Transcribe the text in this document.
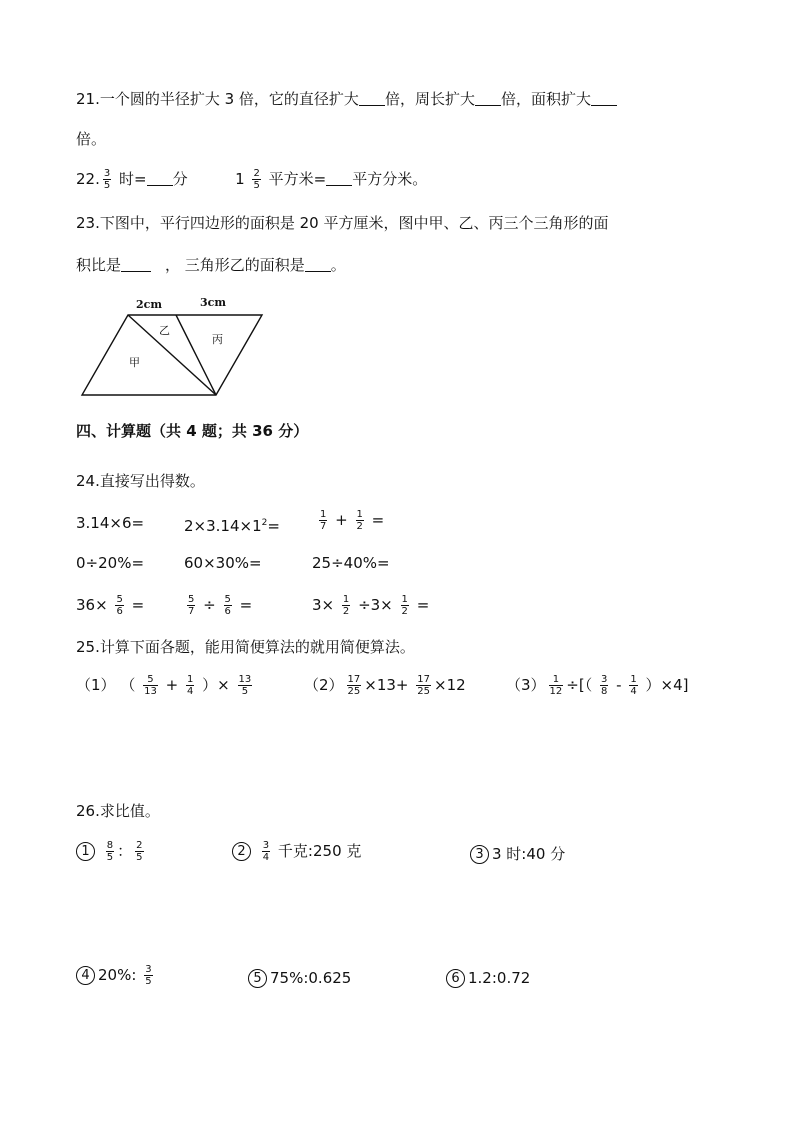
21.一个圆的半径扩大 3 倍，它的直径扩大 倍，周长扩大 倍，面积扩大
倍。
22. $\frac{3}{5}$ 时= 分	$1 \frac{2}{5}$ 平方米= 平方分米。
23.下图中，平行四边形的面积是 20 平方厘米，图中甲、乙、丙三个三角形的面
积比是	， 三角形乙的面积是 。
2cm	3cm
乙
丙
甲
四、计算题（共 4 题；共 36 分）
24.直接写出得数。
3.14×6=	$2\times 3.14\times 1^2=$	$\frac{1}{7} + \frac{1}{2}$ =
0÷20%=	60×30%=	25÷40%=
$36\times \frac{5}{6}$ =	$\frac{5}{7} \div \frac{5}{6}$ =	$3\times \frac{1}{2} \div 3\times \frac{1}{2}$ =
25.计算下面各题，能用简便算法的就用简便算法。
（1） （ $\frac{5}{13} + \frac{1}{4}$ ）× $\frac{13}{5}$	$(2) \frac{17}{25} \times 13+ \frac{17}{25} \times 12$	$(3) \frac{1}{12}$ ÷[（ $\frac{3}{8} - \frac{1}{4} )\times 4$]
26.求比值。
$1 \frac{8}{5}$ ： $\frac{2}{5}$	$2 \frac{3}{4}$ 千克:250 克	3 3 时:40 分
4 20%: $\frac{3}{5}$	5 75%:0.625	6 1.2:0.72
